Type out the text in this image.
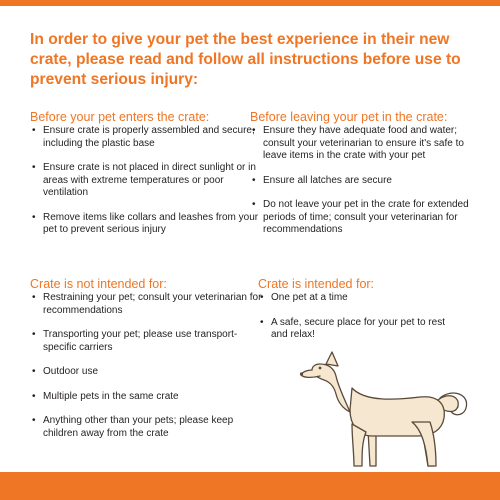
In order to give your pet the best experience in their new crate, please read and follow all instructions before use to prevent serious injury:

Before your pet enters the crate:
• Ensure crate is properly assembled and secure, including the plastic base
• Ensure crate is not placed in direct sunlight or in areas with extreme temperatures or poor ventilation
• Remove items like collars and leashes from your pet to prevent serious injury
Before leaving your pet in the crate:
• Ensure they have adequate food and water; consult your veterinarian to ensure it's safe to leave items in the crate with your pet
• Ensure all latches are secure
• Do not leave your pet in the crate for extended periods of time; consult your veterinarian for recommendations
Crate is not intended for:
• Restraining your pet; consult your veterinarian for recommendations
• Transporting your pet; please use transport-specific carriers
• Outdoor use
• Multiple pets in the same crate
• Anything other than your pets; please keep children away from the crate
Crate is intended for:
• One pet at a time
• A safe, secure place for your pet to rest and relax!
